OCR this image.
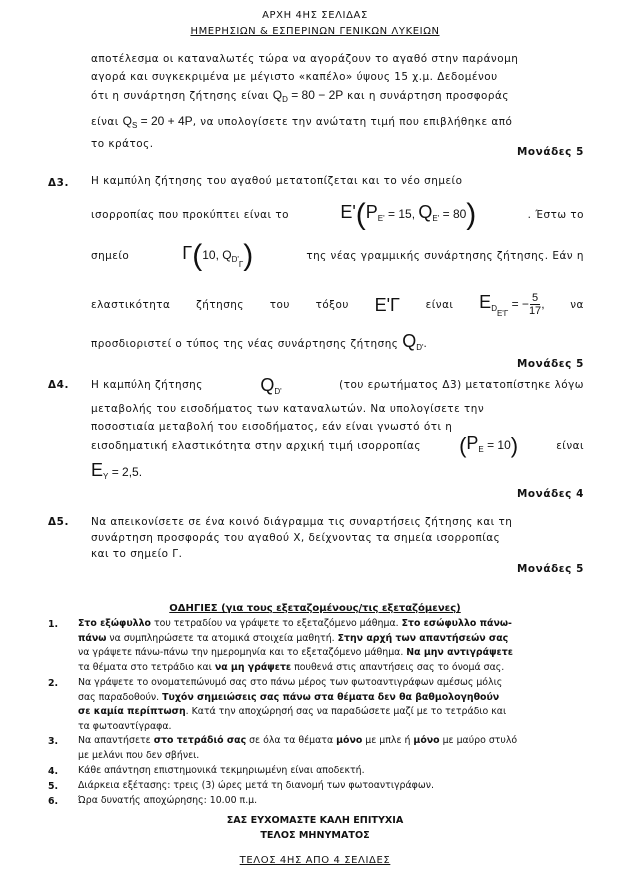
ΑΡΧΗ 4ΗΣ ΣΕΛΙΔΑΣ
ΗΜΕΡΗΣΙΩΝ & ΕΣΠΕΡΙΝΩΝ ΓΕΝΙΚΩΝ ΛΥΚΕΙΩΝ
αποτέλεσμα οι καταναλωτές τώρα να αγοράζουν το αγαθό στην παράνομη
αγορά και συγκεκριμένα με μέγιστο «καπέλο» ύψους 15 χ.μ. Δεδομένου
ότι η συνάρτηση ζήτησης είναι $Q_D = 80 - 2P$ και η συνάρτηση προσφοράς
είναι $Q_S = 20 + 4P$, να υπολογίσετε την ανώτατη τιμή που επιβλήθηκε από
το κράτος.
Μονάδες 5
Δ3. Η καμπύλη ζήτησης του αγαθού μετατοπίζεται και το νέο σημείο
ισορροπίας που προκύπτει είναι το	$E'(P_{E'} = 15$, $Q_{E'} = 80$)	. Έστω το
σημείο	Γ(10, $Q_{D'\Gamma}$)	της νέας γραμμικής συνάρτησης ζήτησης. Εάν η
ελαστικότητα ζήτησης του τόξου E'Γ είναι $E_{DE'\Gamma}$ = − $\frac{5}{17}$ , να
προσδιοριστεί ο τύπος της νέας συνάρτησης ζήτησης $Q_{D'}$.
Μονάδες 5
Δ4. Η καμπύλη ζήτησης	$Q_{D'}$	(του ερωτήματος Δ3) μετατοπίστηκε λόγω
μεταβολής του εισοδήματος των καταναλωτών. Να υπολογίσετε την
ποσοστιαία μεταβολή του εισοδήματος, εάν είναι γνωστό ότι η
εισοδηματική ελαστικότητα στην αρχική τιμή ισορροπίας $(P_E = 10)$	είναι
$E_Y = 2,5$.
Μονάδες 4
Δ5. Να απεικονίσετε σε ένα κοινό διάγραμμα τις συναρτήσεις ζήτησης και τη
συνάρτηση προσφοράς του αγαθού Χ, δείχνοντας τα σημεία ισορροπίας
και το σημείο Γ.
Μονάδες 5
ΟΔΗΓΙΕΣ (για τους εξεταζομένους/τις εξεταζόμενες)
1. Στο εξώφυλλο του τετραδίου να γράψετε το εξεταζόμενο μάθημα. Στο εσώφυλλο πάνω-
πάνω να συμπληρώσετε τα ατομικά στοιχεία μαθητή. Στην αρχή των απαντήσεών σας
να γράψετε πάνω-πάνω την ημερομηνία και το εξεταζόμενο μάθημα. Να μην αντιγράψετε
τα θέματα στο τετράδιο και να μη γράψετε πουθενά στις απαντήσεις σας το όνομά σας.
2. Να γράψετε το ονοματεπώνυμό σας στο πάνω μέρος των φωτοαντιγράφων αμέσως μόλις
σας παραδοθούν. Τυχόν σημειώσεις σας πάνω στα θέματα δεν θα βαθμολογηθούν
σε καμία περίπτωση. Κατά την αποχώρησή σας να παραδώσετε μαζί με το τετράδιο και
τα φωτοαντίγραφα.
3. Να απαντήσετε στο τετράδιό σας σε όλα τα θέματα μόνο με μπλε ή μόνο με μαύρο στυλό
με μελάνι που δεν σβήνει.
4. Κάθε απάντηση επιστημονικά τεκμηριωμένη είναι αποδεκτή.
5. Διάρκεια εξέτασης: τρεις (3) ώρες μετά τη διανομή των φωτοαντιγράφων.
6. Ώρα δυνατής αποχώρησης: 10.00 π.μ.
ΣΑΣ ΕΥΧΟΜΑΣΤΕ ΚΑΛΗ ΕΠΙΤΥΧΙΑ
ΤΕΛΟΣ ΜΗΝΥΜΑΤΟΣ
ΤΕΛΟΣ 4ΗΣ ΑΠΟ 4 ΣΕΛΙΔΕΣ
